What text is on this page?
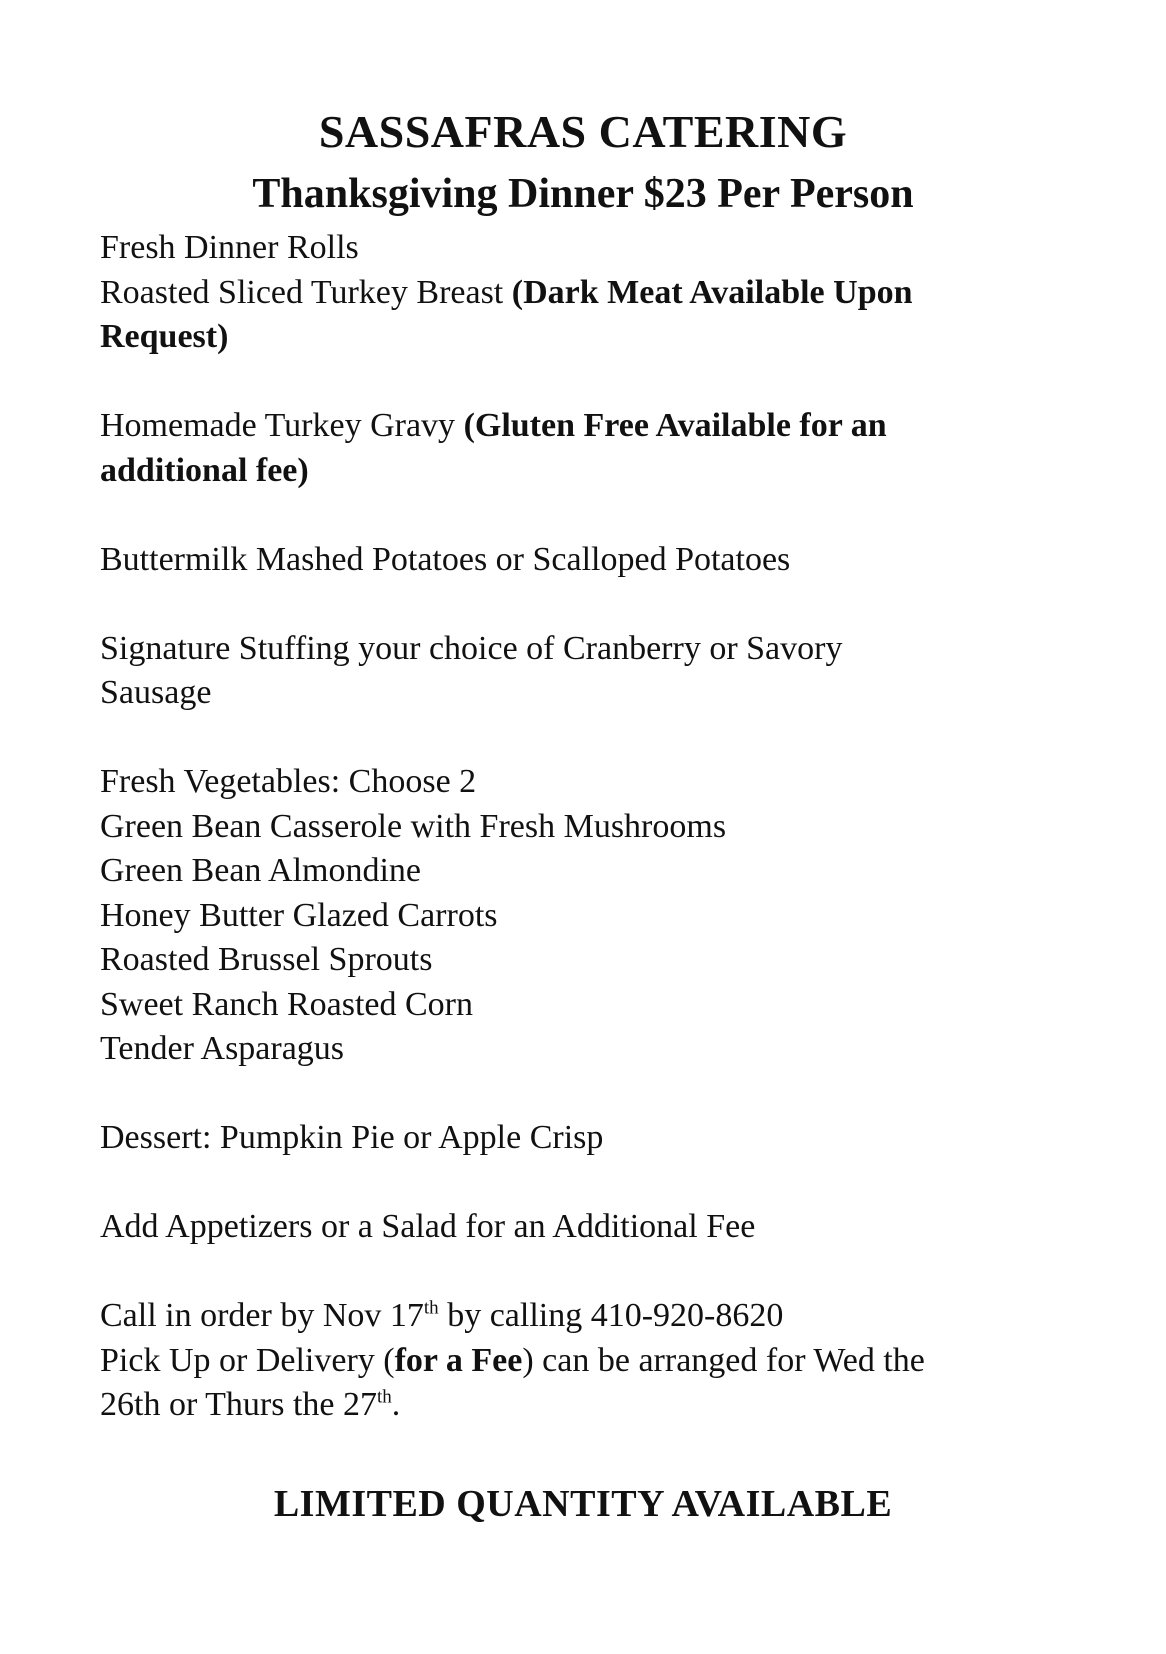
SASSAFRAS CATERING
Thanksgiving Dinner $23 Per Person
Fresh Dinner Rolls
Roasted Sliced Turkey Breast (Dark Meat Available Upon
Request)
Homemade Turkey Gravy (Gluten Free Available for an
additional fee)
Buttermilk Mashed Potatoes or Scalloped Potatoes
Signature Stuffing your choice of Cranberry or Savory
Sausage
Fresh Vegetables: Choose 2
Green Bean Casserole with Fresh Mushrooms
Green Bean Almondine
Honey Butter Glazed Carrots
Roasted Brussel Sprouts
Sweet Ranch Roasted Corn
Tender Asparagus
Dessert: Pumpkin Pie or Apple Crisp
Add Appetizers or a Salad for an Additional Fee
Call in order by Nov 17th by calling 410-920-8620
Pick Up or Delivery (for a Fee) can be arranged for Wed the
26th or Thurs the 27th.

LIMITED QUANTITY AVAILABLE
